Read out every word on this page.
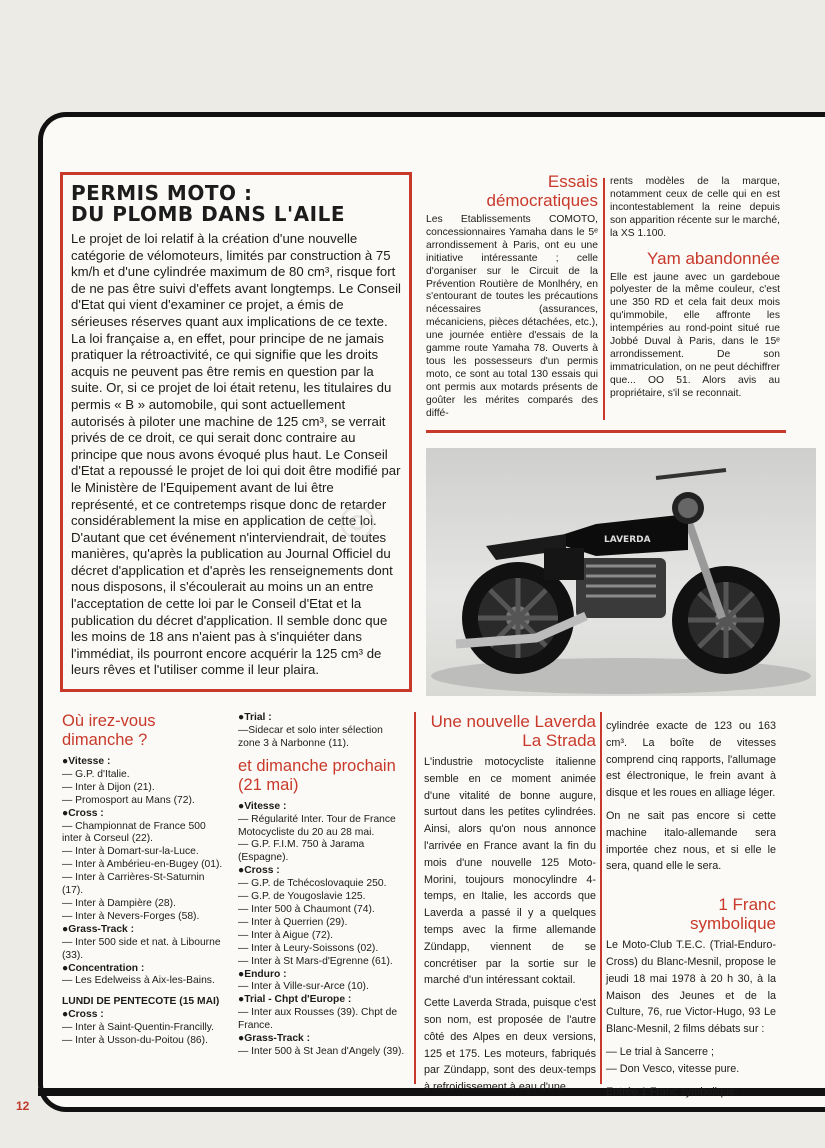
12
PERMIS MOTO :
DU PLOMB DANS L'AILE

Le projet de loi relatif à la création d'une nouvelle catégorie de vélomoteurs, limités par construction à 75 km/h et d'une cylindrée maximum de 80 cm³, risque fort de ne pas être suivi d'effets avant longtemps. Le Conseil d'Etat qui vient d'examiner ce projet, a émis de sérieuses réserves quant aux implications de ce texte. La loi française a, en effet, pour principe de ne jamais pratiquer la rétroactivité, ce qui signifie que les droits acquis ne peuvent pas être remis en question par la suite. Or, si ce projet de loi était retenu, les titulaires du permis « B » automobile, qui sont actuellement autorisés à piloter une machine de 125 cm³, se verrait privés de ce droit, ce qui serait donc contraire au principe que nous avons évoqué plus haut. Le Conseil d'Etat a repoussé le projet de loi qui doit être modifié par le Ministère de l'Equipement avant de lui être représenté, et ce contretemps risque donc de retarder considérablement la mise en application de cette loi. D'autant que cet événement n'interviendrait, de toutes manières, qu'après la publication au Journal Officiel du décret d'application et d'après les renseignements dont nous disposons, il s'écoulerait au moins un an entre l'acceptation de cette loi par le Conseil d'Etat et la publication du décret d'application. Il semble donc que les moins de 18 ans n'aient pas à s'inquiéter dans l'immédiat, ils pourront encore acquérir la 125 cm³ de leurs rêves et l'utiliser comme il leur plaira.

Essais
démocratiques

Les Etablissements COMOTO, concessionnaires Yamaha dans le 5ᵉ arrondissement à Paris, ont eu une initiative intéressante ; celle d'organiser sur le Circuit de la Prévention Routière de Monlhéry, en s'entourant de toutes les précautions nécessaires (assurances, mécaniciens, pièces détachées, etc.), une journée entière d'essais de la gamme route Yamaha 78. Ouverts à tous les possesseurs d'un permis moto, ce sont au total 130 essais qui ont permis aux motards présents de goûter les mérites comparés des diffé-

rents modèles de la marque, notamment ceux de celle qui en est incontestablement la reine depuis son apparition récente sur le marché, la XS 1.100.

Yam abandonnée

Elle est jaune avec un gardeboue polyester de la même couleur, c'est une 350 RD et cela fait deux mois qu'immobile, elle affronte les intempéries au rond-point situé rue Jobbé Duval à Paris, dans le 15ᵉ arrondissement. De son immatriculation, on ne peut déchiffrer que... OO 51. Alors avis au propriétaire, s'il se reconnait.

LAVERDA
◎
Où irez-vous
dimanche ?
● Vitesse :
— G.P. d'Italie.
— Inter à Dijon (21).
— Promosport au Mans (72).
● Cross :
— Championnat de France 500 inter à Corseul (22).
— Inter à Domart-sur-la-Luce.
— Inter à Ambérieu-en-Bugey (01).
— Inter à Carrières-St-Saturnin (17).
— Inter à Dampière (28).
— Inter à Nevers-Forges (58).
● Grass-Track :
— Inter 500 side et nat. à Libourne (33).
● Concentration :
— Les Edelweiss à Aix-les-Bains.
LUNDI DE PENTECOTE (15 MAI)
● Cross :
— Inter à Saint-Quentin-Francilly.
— Inter à Usson-du-Poitou (86).
● Trial :
—Sidecar et solo inter sélection zone 3 à Narbonne (11).
et dimanche prochain
(21 mai)
● Vitesse :
— Régularité Inter. Tour de France Motocycliste du 20 au 28 mai.
— G.P. F.I.M. 750 à Jarama (Espagne).
● Cross :
— G.P. de Tchécoslovaquie 250.
— G.P. de Yougoslavie 125.
— Inter 500 à Chaumont (74).
— Inter à Querrien (29).
— Inter à Aigue (72).
— Inter à Leury-Soissons (02).
— Inter à St Mars-d'Egrenne (61).
● Enduro :
— Inter à Ville-sur-Arce (10).
● Trial - Chpt d'Europe :
— Inter aux Rousses (39). Chpt de France.
● Grass-Track :
— Inter 500 à St Jean d'Angely (39).
Une nouvelle Laverda
La Strada

L'industrie motocycliste italienne semble en ce moment animée d'une vitalité de bonne augure, surtout dans les petites cylindrées. Ainsi, alors qu'on nous annonce l'arrivée en France avant la fin du mois d'une nouvelle 125 Moto-Morini, toujours monocylindre 4-temps, en Italie, les accords que Laverda a passé il y a quelques temps avec la firme allemande Zündapp, viennent de se concrétiser par la sortie sur le marché d'un intéressant coktail.

Cette Laverda Strada, puisque c'est son nom, est proposée de l'autre côté des Alpes en deux versions, 125 et 175. Les moteurs, fabriqués par Zündapp, sont des deux-temps à refroidissement à eau d'une

cylindrée exacte de 123 ou 163 cm³. La boîte de vitesses comprend cinq rapports, l'allumage est électronique, le frein avant à disque et les roues en alliage léger.

On ne sait pas encore si cette machine italo-allemande sera importée chez nous, et si elle le sera, quand elle le sera.

1 Franc
symbolique

Le Moto-Club T.E.C. (Trial-Enduro-Cross) du Blanc-Mesnil, propose le jeudi 18 mai 1978 à 20 h 30, à la Maison des Jeunes et de la Culture, 76, rue Victor-Hugo, 93 Le Blanc-Mesnil, 2 films débats sur :

— Le trial à Sancerre ;
— Don Vesco, vitesse pure.

Entrée 1 Franc symbolique.
